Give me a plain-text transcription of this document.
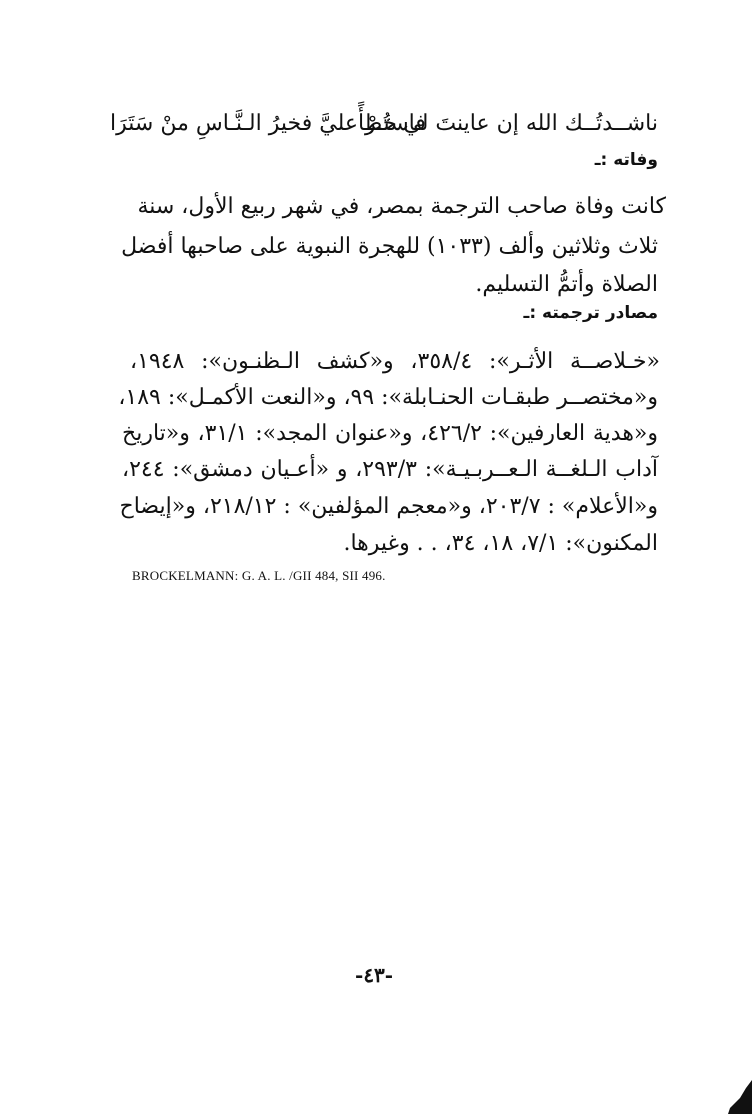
ناشــدتُــك الله إن عاينتَ لي خطأً
فاستُـرْ عليَّ فخيرُ الـنَّـاسِ منْ سَتَرَا
وفاته :ـ
كانت وفاة صاحب الترجمة بمصر، في شهر ربيع الأول، سنة
ثلاث وثلاثين وألف (١٠٣٣) للهجرة النبوية على صاحبها أفضل
الصلاة وأتمُّ التسليم.
مصادر ترجمته :ـ
«خـلاصــة الأثـر»: ٣٥٨/٤، و«كشف الـظنـون»: ١٩٤٨،
و«مختصــر طبقـات الحنـابلة»: ٩٩، و«النعت الأكمـل»: ١٨٩،
و«هدية العارفين»: ٤٢٦/٢، و«عنوان المجد»: ٣١/١، و«تاريخ
آداب الـلغــة الـعــربـيـة»: ٢٩٣/٣، و «أعـيان دمشق»: ٢٤٤،
و«الأعلام» : ٢٠٣/٧، و«معجم المؤلفين» : ٢١٨/١٢، و«إيضاح
المكنون»: ٧/١، ١٨، ٣٤، . . وغيرها.
BROCKELMANN: G. A. L. /GII 484, SII 496.
-٤٣-
